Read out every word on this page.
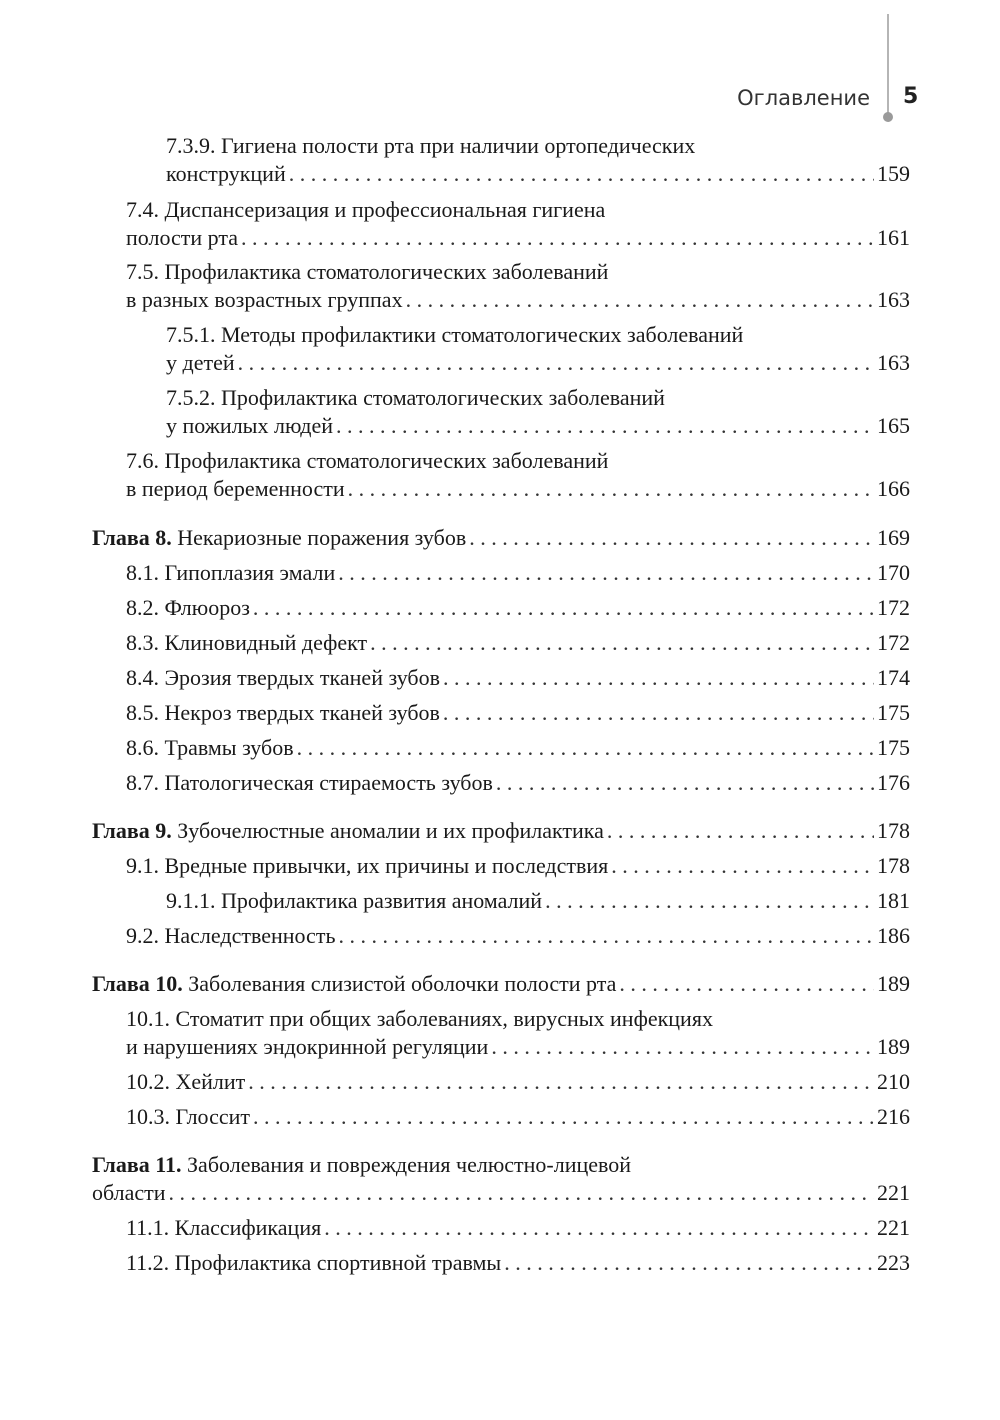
Оглавление 5
7.3.9. Гигиена полости рта при наличии ортопедических
конструкций . . .	159
7.4. Диспансеризация и профессиональная гигиена
полости рта . . .	161
7.5. Профилактика стоматологических заболеваний
в разных возрастных группах . . .	163
7.5.1. Методы профилактики стоматологических заболеваний
у детей . . .	163
7.5.2. Профилактика стоматологических заболеваний
у пожилых людей . . .	165
7.6. Профилактика стоматологических заболеваний
в период беременности . . .	166
Глава 8. Некариозные поражения зубов . . .	169
8.1. Гипоплазия эмали . . .	170
8.2. Флюороз . . .	172
8.3. Клиновидный дефект . . .	172
8.4. Эрозия твердых тканей зубов . . .	174
8.5. Некроз твердых тканей зубов . . .	175
8.6. Травмы зубов . . .	175
8.7. Патологическая стираемость зубов . . .	176
Глава 9. Зубочелюстные аномалии и их профилактика . . .	178
9.1. Вредные привычки, их причины и последствия . . .	178
9.1.1. Профилактика развития аномалий . . .	181
9.2. Наследственность . . .	186
Глава 10. Заболевания слизистой оболочки полости рта . . .	189
10.1. Стоматит при общих заболеваниях, вирусных инфекциях
и нарушениях эндокринной регуляции . . .	189
10.2. Хейлит . . .	210
10.3. Глоссит . . .	216
Глава 11. Заболевания и повреждения челюстно-лицевой
области . . .	221
11.1. Классификация . . .	221
11.2. Профилактика спортивной травмы . . .	223
